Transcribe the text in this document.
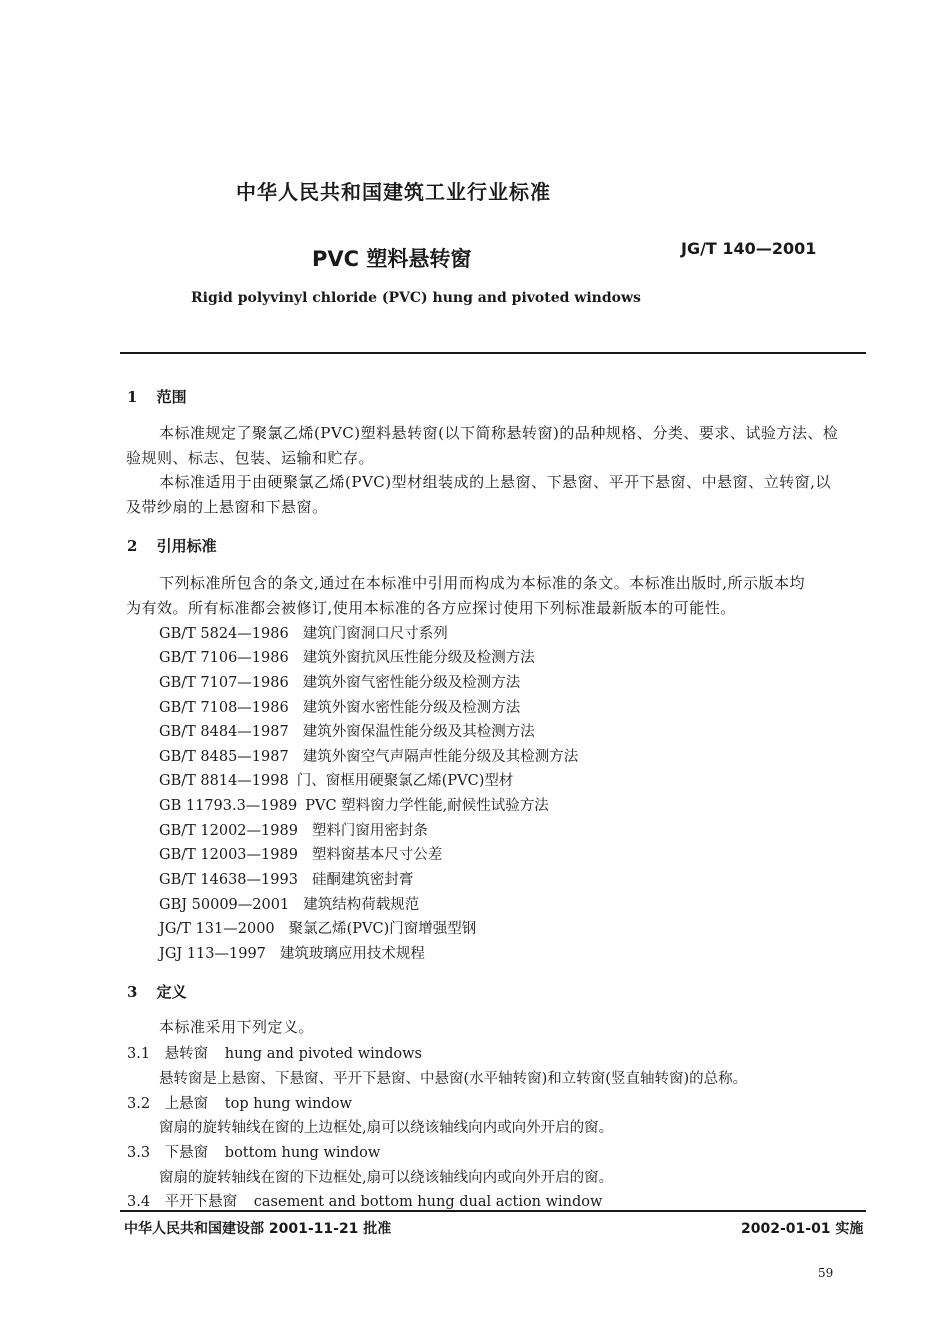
中华人民共和国建筑工业行业标准
PVC 塑料悬转窗	JG/T 140—2001
Rigid polyvinyl chloride (PVC) hung and pivoted windows
1 范围
本标准规定了聚氯乙烯(PVC)塑料悬转窗(以下简称悬转窗)的品种规格、分类、要求、试验方法、检
验规则、标志、包装、运输和贮存。
本标准适用于由硬聚氯乙烯(PVC)型材组装成的上悬窗、下悬窗、平开下悬窗、中悬窗、立转窗,以
及带纱扇的上悬窗和下悬窗。
2 引用标准
下列标准所包含的条文,通过在本标准中引用而构成为本标准的条文。本标准出版时,所示版本均
为有效。所有标准都会被修订,使用本标准的各方应探讨使用下列标准最新版本的可能性。
GB/T 5824—1986 建筑门窗洞口尺寸系列
GB/T 7106—1986 建筑外窗抗风压性能分级及检测方法
GB/T 7107—1986 建筑外窗气密性能分级及检测方法
GB/T 7108—1986 建筑外窗水密性能分级及检测方法
GB/T 8484—1987 建筑外窗保温性能分级及其检测方法
GB/T 8485—1987 建筑外窗空气声隔声性能分级及其检测方法
GB/T 8814—1998 门、窗框用硬聚氯乙烯(PVC)型材
GB 11793.3—1989 PVC 塑料窗力学性能,耐候性试验方法
GB/T 12002—1989 塑料门窗用密封条
GB/T 12003—1989 塑料窗基本尺寸公差
GB/T 14638—1993 硅酮建筑密封膏
GBJ 50009—2001 建筑结构荷载规范
JG/T 131—2000 聚氯乙烯(PVC)门窗增强型钢
JGJ 113—1997 建筑玻璃应用技术规程
3 定义
本标准采用下列定义。
3.1 悬转窗 hung and pivoted windows
悬转窗是上悬窗、下悬窗、平开下悬窗、中悬窗(水平轴转窗)和立转窗(竖直轴转窗)的总称。
3.2 上悬窗 top hung window
窗扇的旋转轴线在窗的上边框处,扇可以绕该轴线向内或向外开启的窗。
3.3 下悬窗 bottom hung window
窗扇的旋转轴线在窗的下边框处,扇可以绕该轴线向内或向外开启的窗。
3.4 平开下悬窗 casement and bottom hung dual action window
中华人民共和国建设部 2001-11-21 批准	2002-01-01 实施
59
